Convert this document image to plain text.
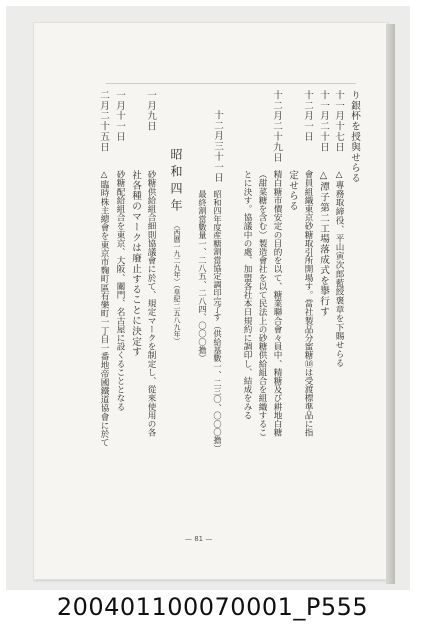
り銀杯を授與せらる
十一月十七日
△專務取締役、平山寅次郎藍綬褒章を下賜せらる
十一月二十日
△潭子第二工場落成式を擧行す
十二月一日
會員組織東京砂糖取引所開場す。當社製品分蜜糖⑩は受渡標準品に指
定せらる
十二月二十九日
精白糖市價安定の目的を以て、糖業聯合會々員中、精糖及び耕地白糖
（甜菜糖を含む）製造會社を以て民法上の砂糖供給組合を組織するこ
とに決す。協議中の處、加盟各社本日規約に調印し、結成をみる
十二月三十一日
昭和四年度産糖割當協定調印完了す（供給基數一、二三〇、〇〇〇擔）
最終割當數量一、二八五、二八四、〇〇〇擔）
昭和四年
（西暦一九二九年）（皇紀二五八九年）
一月九日
砂糖供給組合細則協議會に於て、規定マークを制定し、從來使用の各
社各種のマークは廢止することに決定す
一月十一日
砂糖配給組合を東京、大阪、關門、名古屋に設くることとなる
二月二十五日
△臨時株主總會を東京市麴町區有樂町一丁目一番地帝國鐵道協會に於て
— 81 —
200401100070001_P555
